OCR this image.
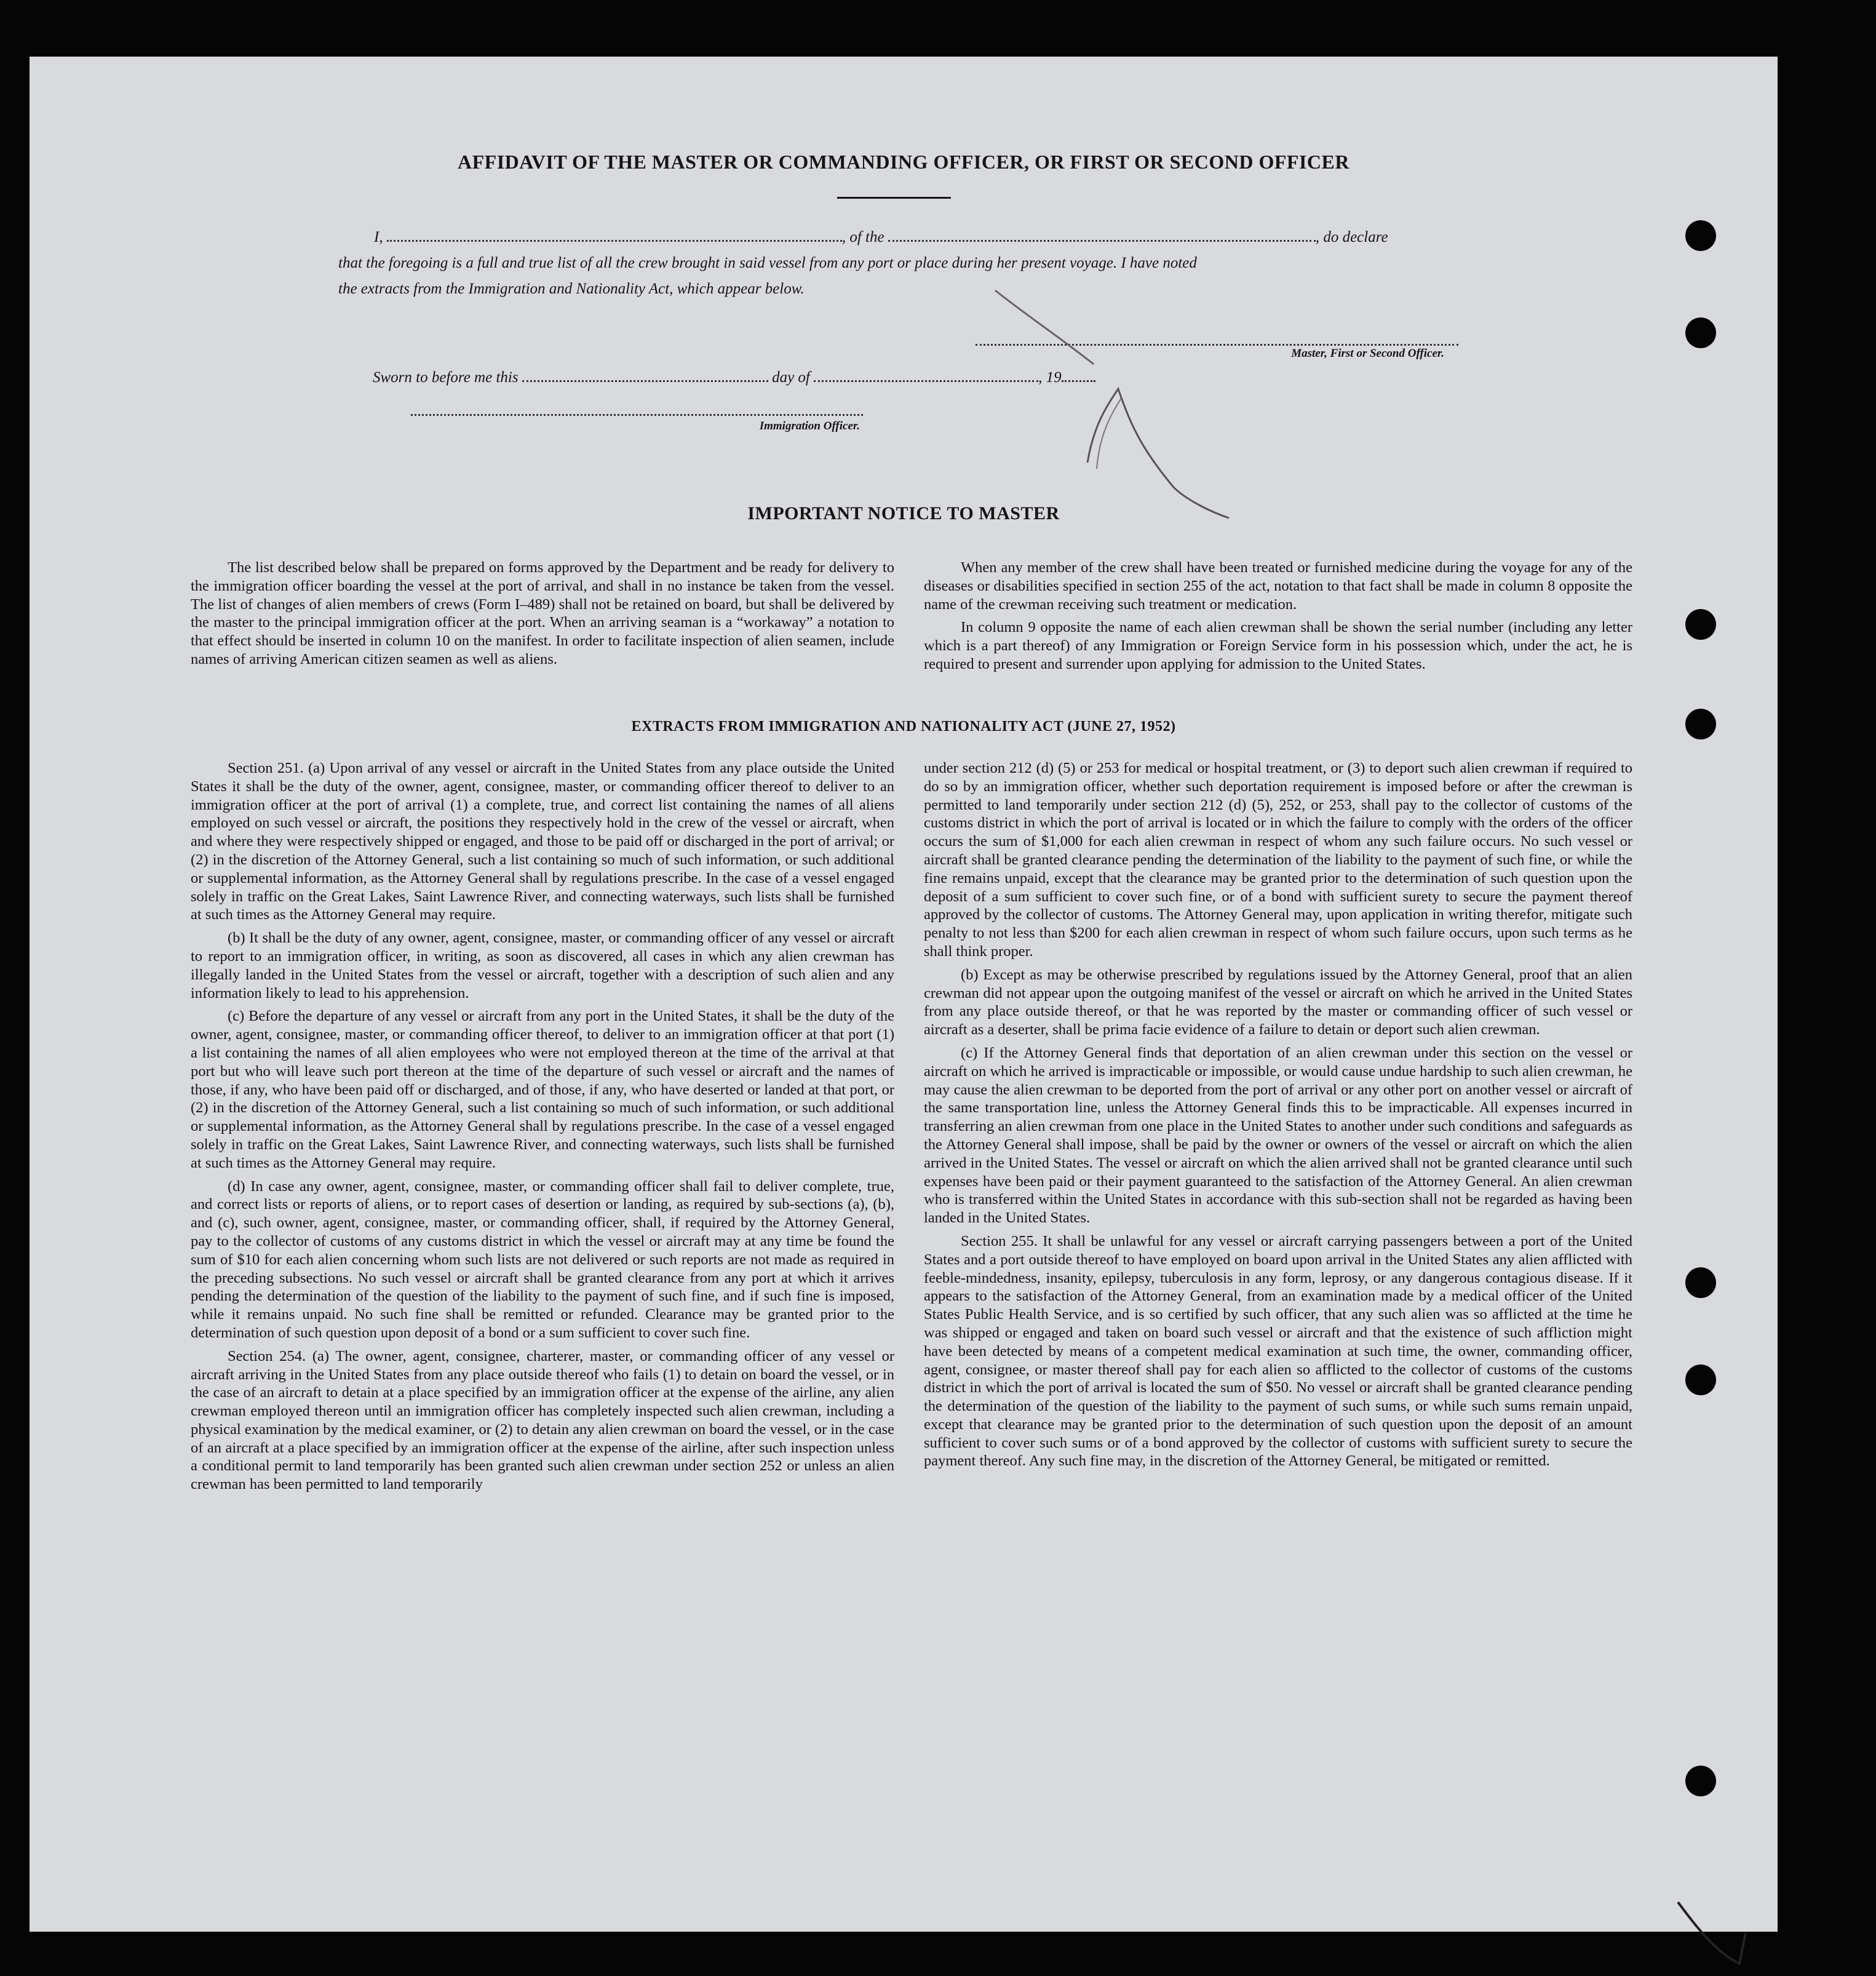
AFFIDAVIT OF THE MASTER OR COMMANDING OFFICER, OR FIRST OR SECOND OFFICER
I,	, of the	, do declare
that the foregoing is a full and true list of all the crew brought in said vessel from any port or place during her present voyage. I have noted
the extracts from the Immigration and Nationality Act, which appear below.
Master, First or Second Officer.
Sworn to before me this	day of	, 19
Immigration Officer.
IMPORTANT NOTICE TO MASTER

The list described below shall be prepared on forms approved by the Department and be ready for delivery to the immigration officer boarding the vessel at the port of arrival, and shall in no instance be taken from the vessel. The list of changes of alien members of crews (Form I–489) shall not be retained on board, but shall be delivered by the master to the principal immigration officer at the port. When an arriving seaman is a “workaway” a notation to that effect should be inserted in column 10 on the manifest. In order to facilitate inspection of alien seamen, include names of arriving American citizen seamen as well as aliens.

When any member of the crew shall have been treated or furnished medicine during the voyage for any of the diseases or disabilities specified in section 255 of the act, notation to that fact shall be made in column 8 opposite the name of the crewman receiving such treatment or medication.

In column 9 opposite the name of each alien crewman shall be shown the serial number (including any letter which is a part thereof) of any Immigration or Foreign Service form in his possession which, under the act, he is required to present and surrender upon applying for admission to the United States.

EXTRACTS FROM IMMIGRATION AND NATIONALITY ACT (JUNE 27, 1952)

Section 251. (a) Upon arrival of any vessel or aircraft in the United States from any place outside the United States it shall be the duty of the owner, agent, consignee, master, or commanding officer thereof to deliver to an immigration officer at the port of arrival (1) a complete, true, and correct list containing the names of all aliens employed on such vessel or aircraft, the positions they respectively hold in the crew of the vessel or aircraft, when and where they were respectively shipped or engaged, and those to be paid off or discharged in the port of arrival; or (2) in the discretion of the Attorney General, such a list containing so much of such information, or such additional or supplemental information, as the Attorney General shall by regulations prescribe. In the case of a vessel engaged solely in traffic on the Great Lakes, Saint Lawrence River, and connecting waterways, such lists shall be furnished at such times as the Attorney General may require.

(b) It shall be the duty of any owner, agent, consignee, master, or commanding officer of any vessel or aircraft to report to an immigration officer, in writing, as soon as discovered, all cases in which any alien crewman has illegally landed in the United States from the vessel or aircraft, together with a description of such alien and any information likely to lead to his apprehension.

(c) Before the departure of any vessel or aircraft from any port in the United States, it shall be the duty of the owner, agent, consignee, master, or commanding officer thereof, to deliver to an immigration officer at that port (1) a list containing the names of all alien employees who were not employed thereon at the time of the arrival at that port but who will leave such port thereon at the time of the departure of such vessel or aircraft and the names of those, if any, who have been paid off or discharged, and of those, if any, who have deserted or landed at that port, or (2) in the discretion of the Attorney General, such a list containing so much of such information, or such additional or supplemental information, as the Attorney General shall by regulations prescribe. In the case of a vessel engaged solely in traffic on the Great Lakes, Saint Lawrence River, and connecting waterways, such lists shall be furnished at such times as the Attorney General may require.

(d) In case any owner, agent, consignee, master, or commanding officer shall fail to deliver complete, true, and correct lists or reports of aliens, or to report cases of desertion or landing, as required by sub-sections (a), (b), and (c), such owner, agent, consignee, master, or commanding officer, shall, if required by the Attorney General, pay to the collector of customs of any customs district in which the vessel or aircraft may at any time be found the sum of $10 for each alien concerning whom such lists are not delivered or such reports are not made as required in the preceding subsections. No such vessel or aircraft shall be granted clearance from any port at which it arrives pending the determination of the question of the liability to the payment of such fine, and if such fine is imposed, while it remains unpaid. No such fine shall be remitted or refunded. Clearance may be granted prior to the determination of such question upon deposit of a bond or a sum sufficient to cover such fine.

Section 254. (a) The owner, agent, consignee, charterer, master, or commanding officer of any vessel or aircraft arriving in the United States from any place outside thereof who fails (1) to detain on board the vessel, or in the case of an aircraft to detain at a place specified by an immigration officer at the expense of the airline, any alien crewman employed thereon until an immigration officer has completely inspected such alien crewman, including a physical examination by the medical examiner, or (2) to detain any alien crewman on board the vessel, or in the case of an aircraft at a place specified by an immigration officer at the expense of the airline, after such inspection unless a conditional permit to land temporarily has been granted such alien crewman under section 252 or unless an alien crewman has been permitted to land temporarily

under section 212 (d) (5) or 253 for medical or hospital treatment, or (3) to deport such alien crewman if required to do so by an immigration officer, whether such deportation requirement is imposed before or after the crewman is permitted to land temporarily under section 212 (d) (5), 252, or 253, shall pay to the collector of customs of the customs district in which the port of arrival is located or in which the failure to comply with the orders of the officer occurs the sum of $1,000 for each alien crewman in respect of whom any such failure occurs. No such vessel or aircraft shall be granted clearance pending the determination of the liability to the payment of such fine, or while the fine remains unpaid, except that the clearance may be granted prior to the determination of such question upon the deposit of a sum sufficient to cover such fine, or of a bond with sufficient surety to secure the payment thereof approved by the collector of customs. The Attorney General may, upon application in writing therefor, mitigate such penalty to not less than $200 for each alien crewman in respect of whom such failure occurs, upon such terms as he shall think proper.

(b) Except as may be otherwise prescribed by regulations issued by the Attorney General, proof that an alien crewman did not appear upon the outgoing manifest of the vessel or aircraft on which he arrived in the United States from any place outside thereof, or that he was reported by the master or commanding officer of such vessel or aircraft as a deserter, shall be prima facie evidence of a failure to detain or deport such alien crewman.

(c) If the Attorney General finds that deportation of an alien crewman under this section on the vessel or aircraft on which he arrived is impracticable or impossible, or would cause undue hardship to such alien crewman, he may cause the alien crewman to be deported from the port of arrival or any other port on another vessel or aircraft of the same transportation line, unless the Attorney General finds this to be impracticable. All expenses incurred in transferring an alien crewman from one place in the United States to another under such conditions and safeguards as the Attorney General shall impose, shall be paid by the owner or owners of the vessel or aircraft on which the alien arrived in the United States. The vessel or aircraft on which the alien arrived shall not be granted clearance until such expenses have been paid or their payment guaranteed to the satisfaction of the Attorney General. An alien crewman who is transferred within the United States in accordance with this sub-section shall not be regarded as having been landed in the United States.

Section 255. It shall be unlawful for any vessel or aircraft carrying passengers between a port of the United States and a port outside thereof to have employed on board upon arrival in the United States any alien afflicted with feeble-mindedness, insanity, epilepsy, tuberculosis in any form, leprosy, or any dangerous contagious disease. If it appears to the satisfaction of the Attorney General, from an examination made by a medical officer of the United States Public Health Service, and is so certified by such officer, that any such alien was so afflicted at the time he was shipped or engaged and taken on board such vessel or aircraft and that the existence of such affliction might have been detected by means of a competent medical examination at such time, the owner, commanding officer, agent, consignee, or master thereof shall pay for each alien so afflicted to the collector of customs of the customs district in which the port of arrival is located the sum of $50. No vessel or aircraft shall be granted clearance pending the determination of the question of the liability to the payment of such sums, or while such sums remain unpaid, except that clearance may be granted prior to the determination of such question upon the deposit of an amount sufficient to cover such sums or of a bond approved by the collector of customs with sufficient surety to secure the payment thereof. Any such fine may, in the discretion of the Attorney General, be mitigated or remitted.
